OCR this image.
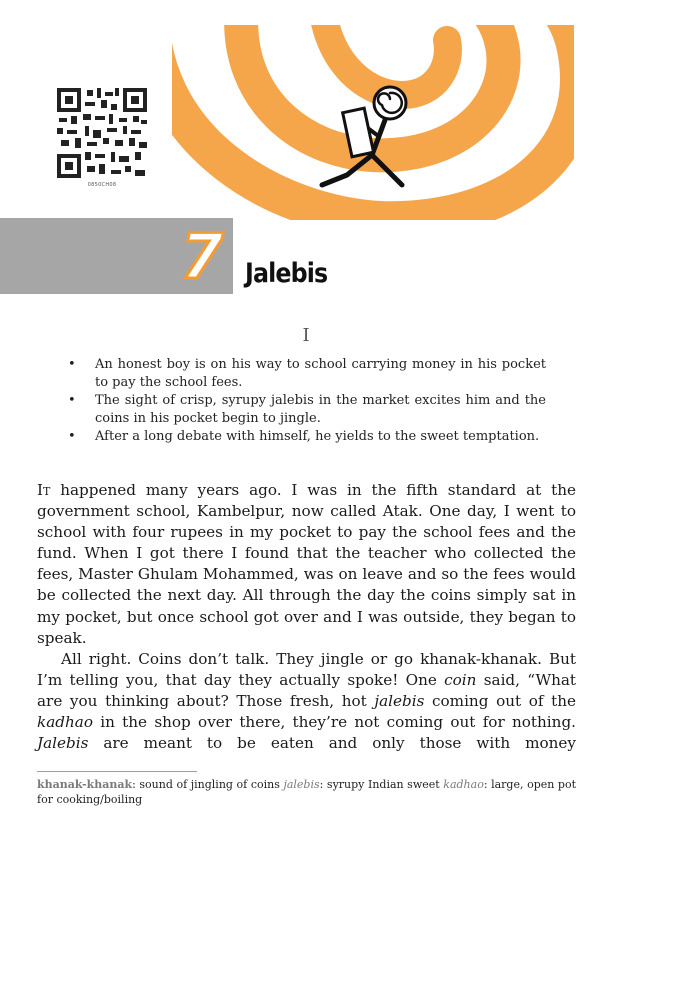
0850CH08
7 Jalebis
I
• An honest boy is on his way to school carrying money in his pocket to pay the school fees.
• The sight of crisp, syrupy jalebis in the market excites him and the coins in his pocket begin to jingle.
• After a long debate with himself, he yields to the sweet temptation.

It happened many years ago. I was in the fifth standard at the government school, Kambelpur, now called Atak. One day, I went to school with four rupees in my pocket to pay the school fees and the fund. When I got there I found that the teacher who collected the fees, Master Ghulam Mohammed, was on leave and so the fees would be collected the next day. All through the day the coins simply sat in my pocket, but once school got over and I was outside, they began to speak.

All right. Coins don’t talk. They jingle or go khanak-khanak. But I’m telling you, that day they actually spoke! One coin said, “What are you thinking about? Those fresh, hot jalebis coming out of the kadhao in the shop over there, they’re not coming out for nothing. Jalebis are meant to be eaten and only those with money

khanak-khanak: sound of jingling of coins jalebis: syrupy Indian sweet kadhao: large, open pot for cooking/boiling
